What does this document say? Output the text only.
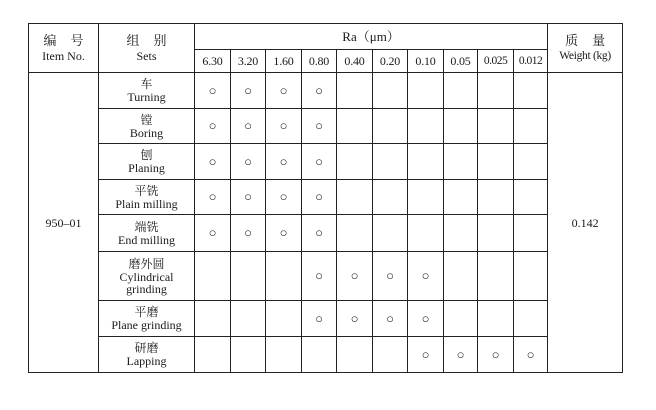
编号
Item No.	组别
Sets	Ra（μm）										质量
Weight (kg)

		6.30	3.20	1.60	0.80	0.40	0.20	0.10	0.05	0.025	0.012	
950–01	车
Turning	○	○	○	○							0.142

	镗
Boring	○	○	○	○							

	刨
Planing	○	○	○	○							

	平铣
Plain milling	○	○	○	○							

	端铣
End milling	○	○	○	○							

	磨外圆
Cylindrical
grinding				○	○	○	○				

	平磨
Plane grinding				○	○	○	○				

	研磨
Lapping							○	○	○	○	
